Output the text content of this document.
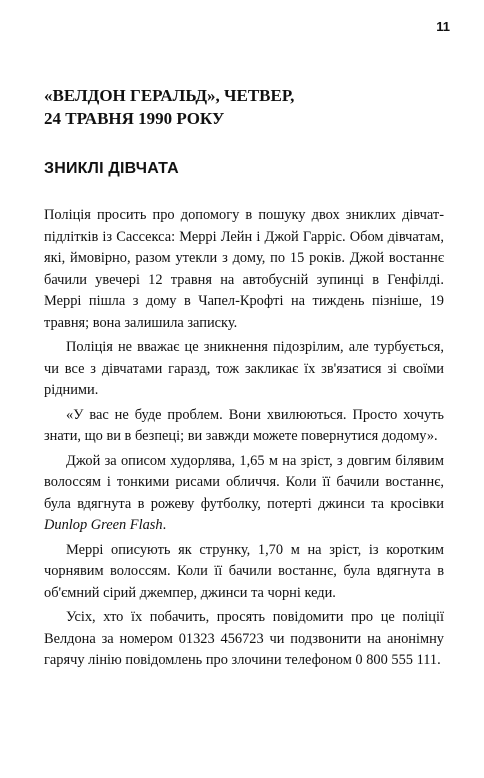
11
«ВЕЛДОН ГЕРАЛЬД», ЧЕТВЕР,
24 ТРАВНЯ 1990 РОКУ
ЗНИКЛІ ДІВЧАТА

Поліція просить про допомогу в пошуку двох зниклих дівчат-підлітків із Сассекса: Меррі Лейн і Джой Гарріс. Обом дівчатам, які, ймовірно, разом утекли з дому, по 15 років. Джой востаннє бачили увечері 12 травня на автобусній зупинці в Генфілді. Меррі пішла з дому в Чапел-Крофті на тиждень пізніше, 19 травня; вона залишила записку.

Поліція не вважає це зникнення підозрілим, але турбується, чи все з дівчатами гаразд, тож закликає їх зв'язатися зі своїми рідними.

«У вас не буде проблем. Вони хвилюються. Просто хочуть знати, що ви в безпеці; ви завжди можете повернутися додому».

Джой за описом худорлява, 1,65 м на зріст, з довгим білявим волоссям і тонкими рисами обличчя. Коли її бачили востаннє, була вдягнута в рожеву футболку, потерті джинси та кросівки Dunlop Green Flash.

Меррі описують як струнку, 1,70 м на зріст, із коротким чорнявим волоссям. Коли її бачили востаннє, була вдягнута в об'ємний сірий джемпер, джинси та чорні кеди.

Усіх, хто їх побачить, просять повідомити про це поліції Велдона за номером 01323 456723 чи подзвонити на анонімну гарячу лінію повідомлень про злочини телефоном 0 800 555 111.
